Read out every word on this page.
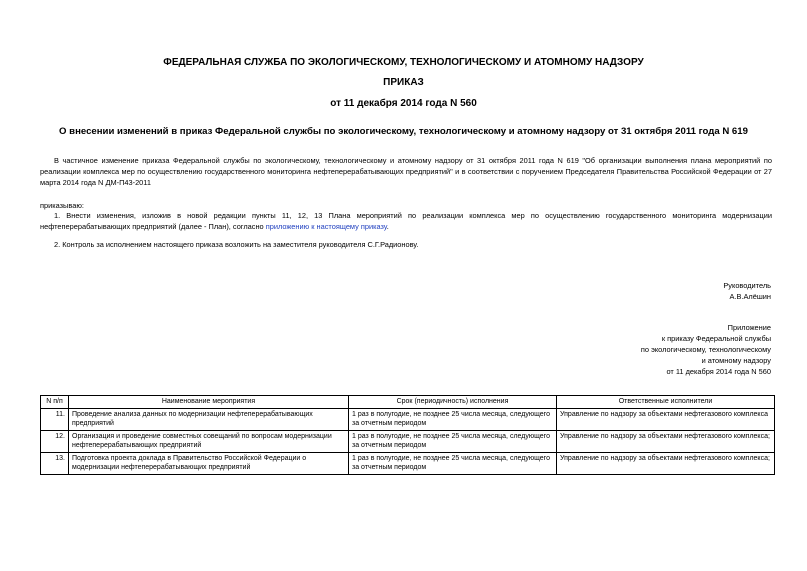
ФЕДЕРАЛЬНАЯ СЛУЖБА ПО ЭКОЛОГИЧЕСКОМУ, ТЕХНОЛОГИЧЕСКОМУ И АТОМНОМУ НАДЗОРУ
ПРИКАЗ
от 11 декабря 2014 года N 560
О внесении изменений в приказ Федеральной службы по экологическому, технологическому и атомному надзору от 31 октября 2011 года N 619
В частичное изменение приказа Федеральной службы по экологическому, технологическому и атомному надзору от 31 октября 2011 года N 619 "Об организации выполнения плана мероприятий по реализации комплекса мер по осуществлению государственного мониторинга нефтеперерабатывающих предприятий" и в соответствии с поручением Председателя Правительства Российской Федерации от 27 марта 2014 года N ДМ-П43-2011
приказываю:
1. Внести изменения, изложив в новой редакции пункты 11, 12, 13 Плана мероприятий по реализации комплекса мер по осуществлению государственного мониторинга модернизации нефтеперерабатывающих предприятий (далее - План), согласно приложению к настоящему приказу.
2. Контроль за исполнением настоящего приказа возложить на заместителя руководителя С.Г.Радионову.
Руководитель
А.В.Алёшин
Приложение
к приказу Федеральной службы
по экологическому, технологическому
и атомному надзору
от 11 декабря 2014 года N 560
N п/п	Наименование мероприятия	Срок (периодичность) исполнения	Ответственные исполнители
11.	Проведение анализа данных по модернизации нефтеперерабатывающих предприятий	1 раз в полугодие, не позднее 25 числа месяца, следующего за отчетным периодом	Управление по надзору за объектами нефтегазового комплекса
12.	Организация и проведение совместных совещаний по вопросам модернизации нефтеперерабатывающих предприятий	1 раз в полугодие, не позднее 25 числа месяца, следующего за отчетным периодом	Управление по надзору за объектами нефтегазового комплекса;
13.	Подготовка проекта доклада в Правительство Российской Федерации о модернизации нефтеперерабатывающих предприятий	1 раз в полугодие, не позднее 25 числа месяца, следующего за отчетным периодом	Управление по надзору за объектами нефтегазового комплекса;
